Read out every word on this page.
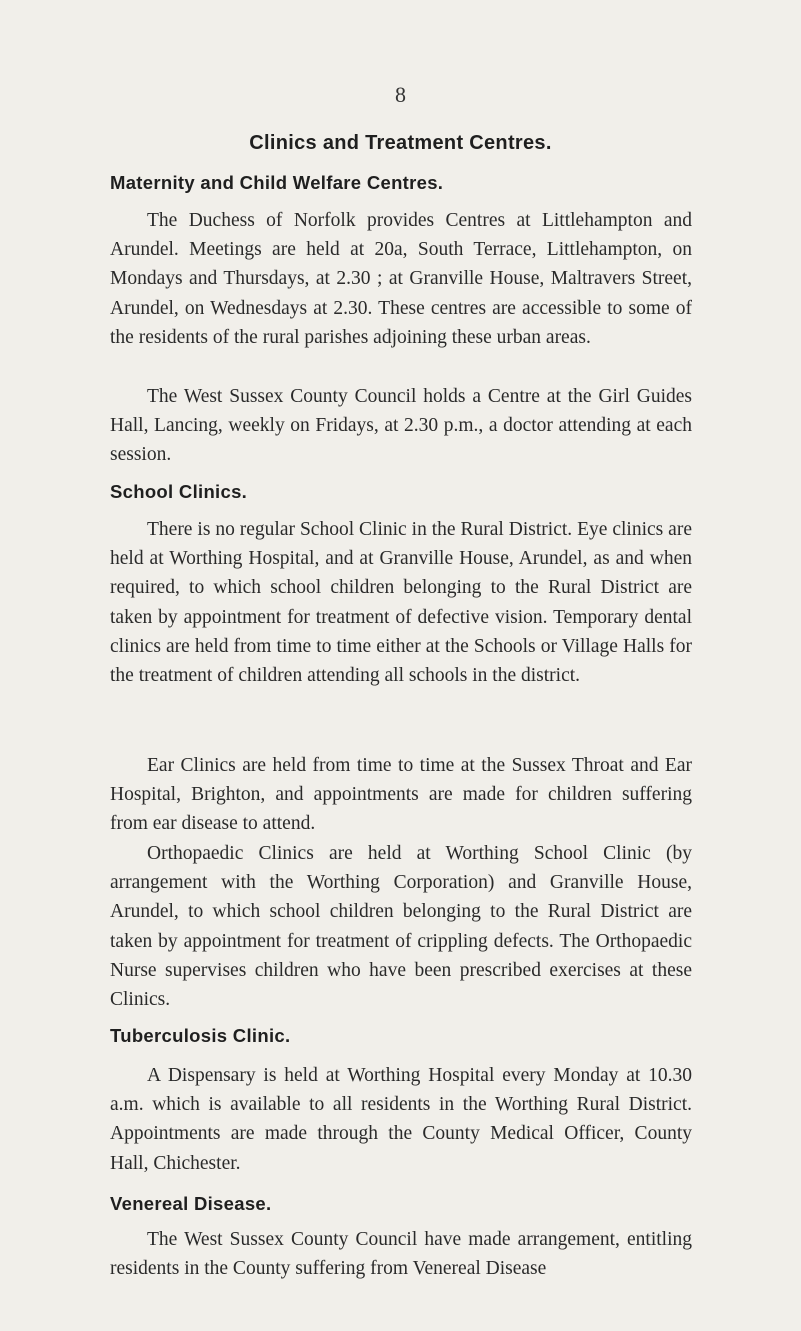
8
Clinics and Treatment Centres.
Maternity and Child Welfare Centres.

The Duchess of Norfolk provides Centres at Littlehampton and Arundel. Meetings are held at 20a, South Terrace, Littlehampton, on Mondays and Thursdays, at 2.30 ; at Granville House, Maltravers Street, Arundel, on Wednesdays at 2.30. These centres are accessible to some of the residents of the rural parishes adjoining these urban areas.

The West Sussex County Council holds a Centre at the Girl Guides Hall, Lancing, weekly on Fridays, at 2.30 p.m., a doctor attending at each session.

School Clinics.

There is no regular School Clinic in the Rural District. Eye clinics are held at Worthing Hospital, and at Granville House, Arundel, as and when required, to which school children belonging to the Rural District are taken by appointment for treatment of defective vision. Temporary dental clinics are held from time to time either at the Schools or Village Halls for the treatment of children attending all schools in the district.

Ear Clinics are held from time to time at the Sussex Throat and Ear Hospital, Brighton, and appointments are made for children suffering from ear disease to attend.

Orthopaedic Clinics are held at Worthing School Clinic (by arrangement with the Worthing Corporation) and Granville House, Arundel, to which school children belonging to the Rural District are taken by appointment for treatment of crippling defects. The Orthopaedic Nurse supervises children who have been prescribed exercises at these Clinics.

Tuberculosis Clinic.

A Dispensary is held at Worthing Hospital every Monday at 10.30 a.m. which is available to all residents in the Worthing Rural District. Appointments are made through the County Medical Officer, County Hall, Chichester.

Venereal Disease.

The West Sussex County Council have made arrangement, entitling residents in the County suffering from Venereal Disease
